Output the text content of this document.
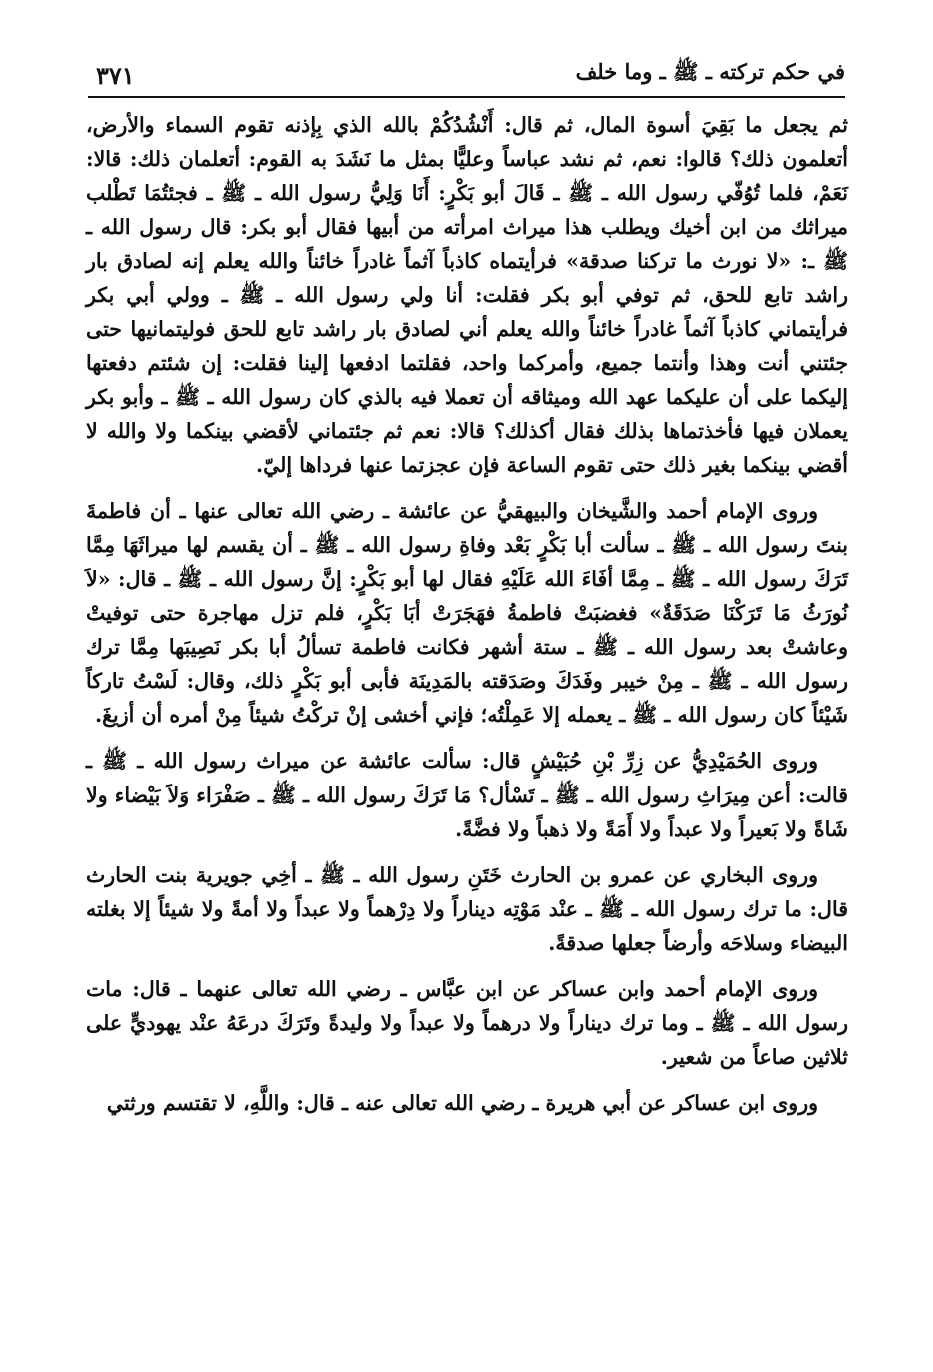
في حكم تركته ـ ﷺ ـ وما خلف
٣٧١

ثم يجعل ما بَقِيَ أسوة المال، ثم قال: أَنْشُدُكُمْ بالله الذي بِإذنه تقوم السماء والأرض، أتعلمون ذلك؟ قالوا: نعم، ثم نشد عباساً وعليًّا بمثل ما نَشَدَ به القوم: أتعلمان ذلك: قالا: نَعَمْ، فلما تُوُفّي رسول الله ـ ﷺ ـ قَالَ أبو بَكْرٍ: أَنَا وَلِيُّ رسول الله ـ ﷺ ـ فجئتُمَا تَطْلب ميراثك من ابن أخيك ويطلب هذا ميراث امرأته من أبيها فقال أبو بكر: قال رسول الله ـ ﷺ ـ: «لا نورث ما تركنا صدقة» فرأيتماه كاذباً آثماً غادراً خائناً والله يعلم إنه لصادق بار راشد تابع للحق، ثم توفي أبو بكر فقلت: أنا ولي رسول الله ـ ﷺ ـ وولي أبي بكر فرأيتماني كاذباً آثماً غادراً خائناً والله يعلم أني لصادق بار راشد تابع للحق فوليتمانيها حتى جئتني أنت وهذا وأنتما جميع، وأمركما واحد، فقلتما ادفعها إلينا فقلت: إن شئتم دفعتها إليكما على أن عليكما عهد الله وميثاقه أن تعملا فيه بالذي كان رسول الله ـ ﷺ ـ وأبو بكر يعملان فيها فأخذتماها بذلك فقال أكذلك؟ قالا: نعم ثم جئتماني لأقضي بينكما ولا والله لا أقضي بينكما بغير ذلك حتى تقوم الساعة فإن عجزتما عنها فرداها إليّ.

وروى الإمام أحمد والشَّيخان والبيهقيُّ عن عائشة ـ رضي الله تعالى عنها ـ أن فاطمةَ بنتَ رسول الله ـ ﷺ ـ سألت أبا بَكْرٍ بَعْد وفاةِ رسول الله ـ ﷺ ـ أن يقسم لها ميراثَهَا مِمَّا تَرَكَ رسول الله ـ ﷺ ـ مِمَّا أفَاءَ الله عَلَيْهِ فقال لها أبو بَكْرٍ: إنَّ رسول الله ـ ﷺ ـ قال: «لاَ نُورَثُ مَا تَرَكْنَا صَدَقَةٌ» فغضبَتْ فاطمةُ فهَجَرَتْ أبَا بَكْرٍ، فلم تزل مهاجرة حتى توفيتْ وعاشتْ بعد رسول الله ـ ﷺ ـ ستة أشهر فكانت فاطمة تسألُ أبا بكر نَصِيبَها مِمَّا ترك رسول الله ـ ﷺ ـ مِنْ خيبر وفَدَكَ وصَدَقته بالمَدِينَة فأبى أبو بَكْرٍ ذلك، وقال: لَسْتُ تاركاً شَيْئاً كان رسول الله ـ ﷺ ـ يعمله إلا عَمِلْتُه؛ فإني أخشى إنْ تركْتُ شيئاً مِنْ أمره أن أزيغَ.

وروى الحُمَيْدِيُّ عن زِرِّ بْنِ حُبَيْشٍ قال: سألت عائشة عن ميراث رسول الله ـ ﷺ ـ قالت: أعن مِيرَاثِ رسول الله ـ ﷺ ـ تَسْأل؟ مَا تَرَكَ رسول الله ـ ﷺ ـ صَفْرَاء وَلاَ بَيْضاء ولا شَاةً ولا بَعيراً ولا عبداً ولا أَمَةً ولا ذهباً ولا فضَّةً.

وروى البخاري عن عمرو بن الحارث خَتَنِ رسول الله ـ ﷺ ـ أخِي جويرية بنت الحارث قال: ما ترك رسول الله ـ ﷺ ـ عنْد مَوْتِه ديناراً ولا دِرْهماً ولا عبداً ولا أمةً ولا شيئاً إلا بغلته البيضاء وسلاحَه وأرضاً جعلها صدقةً.

وروى الإمام أحمد وابن عساكر عن ابن عبَّاس ـ رضي الله تعالى عنهما ـ قال: مات رسول الله ـ ﷺ ـ وما ترك ديناراً ولا درهماً ولا عبداً ولا وليدةً وتَرَكَ درعَهُ عنْد يهوديٍّ على ثلاثين صاعاً من شعير.

وروى ابن عساكر عن أبي هريرة ـ رضي الله تعالى عنه ـ قال: واللَّهِ، لا تقتسم ورثتي
